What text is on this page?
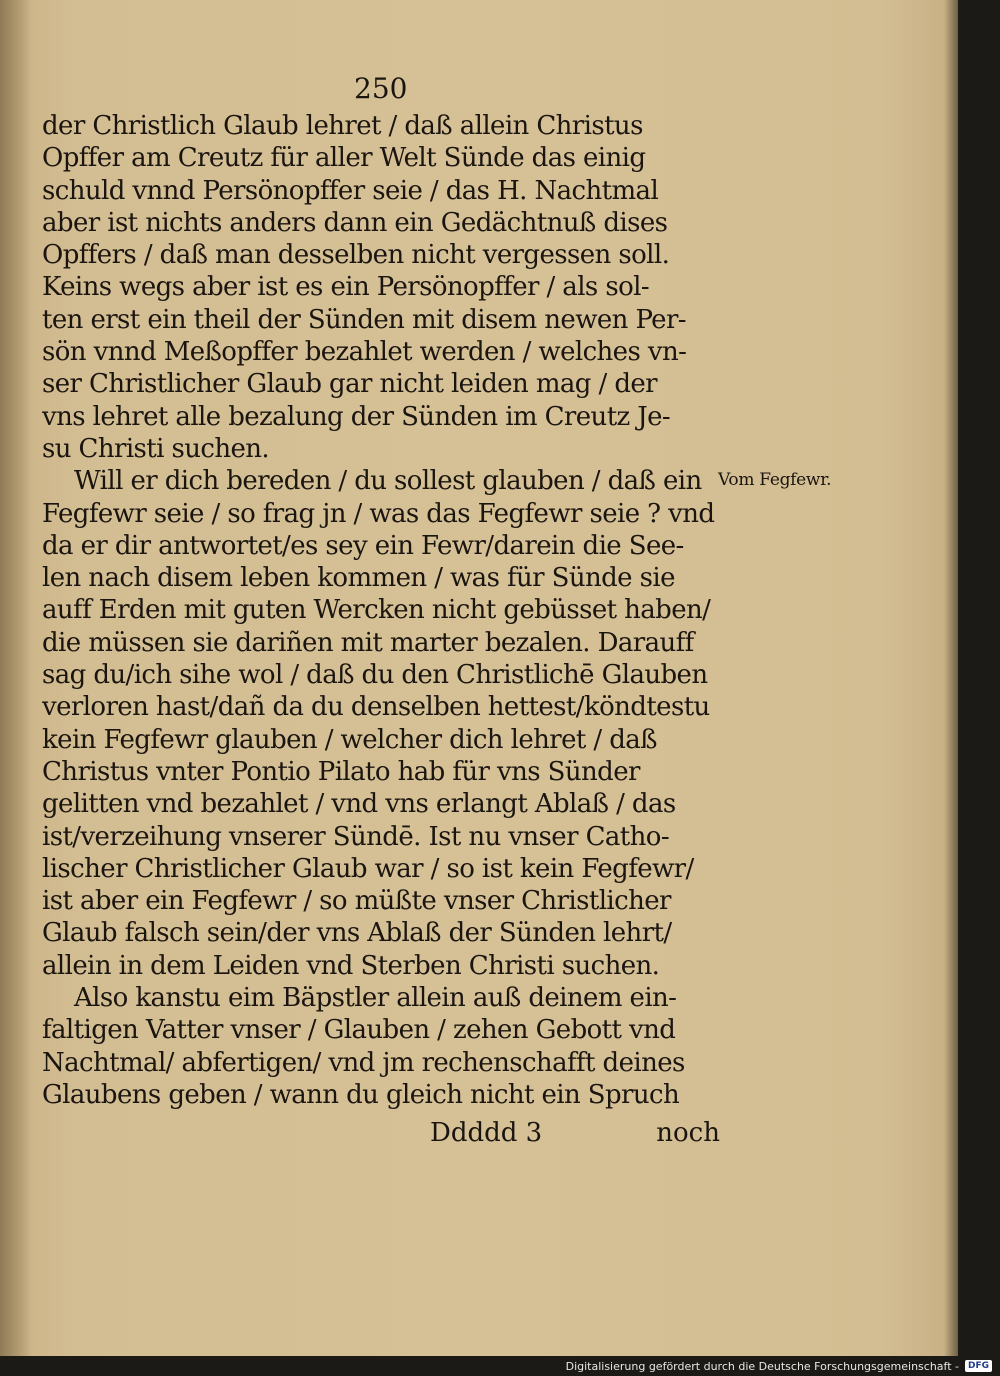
250
der Christlich Glaub lehret / daß allein Christus
Opffer am Creutz für aller Welt Sünde das einig
schuld vnnd Persönopffer seie / das H. Nachtmal
aber ist nichts anders dann ein Gedächtnuß dises
Opffers / daß man desselben nicht vergessen soll.
Keins wegs aber ist es ein Persönopffer / als sol-
ten erst ein theil der Sünden mit disem newen Per-
sön vnnd Meßopffer bezahlet werden / welches vn-
ser Christlicher Glaub gar nicht leiden mag / der
vns lehret alle bezalung der Sünden im Creutz Je-
su Christi suchen.
Will er dich bereden / du sollest glauben / daß ein
Fegfewr seie / so frag jn / was das Fegfewr seie ? vnd
da er dir antwortet/es sey ein Fewr/darein die See-
len nach disem leben kommen / was für Sünde sie
auff Erden mit guten Wercken nicht gebüsset haben/
die müssen sie dariñen mit marter bezalen. Darauff
sag du/ich sihe wol / daß du den Christlichē Glauben
verloren hast/dañ da du denselben hettest/köndtestu
kein Fegfewr glauben / welcher dich lehret / daß
Christus vnter Pontio Pilato hab für vns Sünder
gelitten vnd bezahlet / vnd vns erlangt Ablaß / das
ist/verzeihung vnserer Sündē. Ist nu vnser Catho-
lischer Christlicher Glaub war / so ist kein Fegfewr/
ist aber ein Fegfewr / so müßte vnser Christlicher
Glaub falsch sein/der vns Ablaß der Sünden lehrt/
allein in dem Leiden vnd Sterben Christi suchen.
Also kanstu eim Bäpstler allein auß deinem ein-
faltigen Vatter vnser / Glauben / zehen Gebott vnd
Nachtmal/ abfertigen/ vnd jm rechenschafft deines
Glaubens geben / wann du gleich nicht ein Spruch
Vom Fegfewr.
Ddddd 3	noch
Digitalisierung gefördert durch die Deutsche Forschungsgemeinschaft -	DFG
